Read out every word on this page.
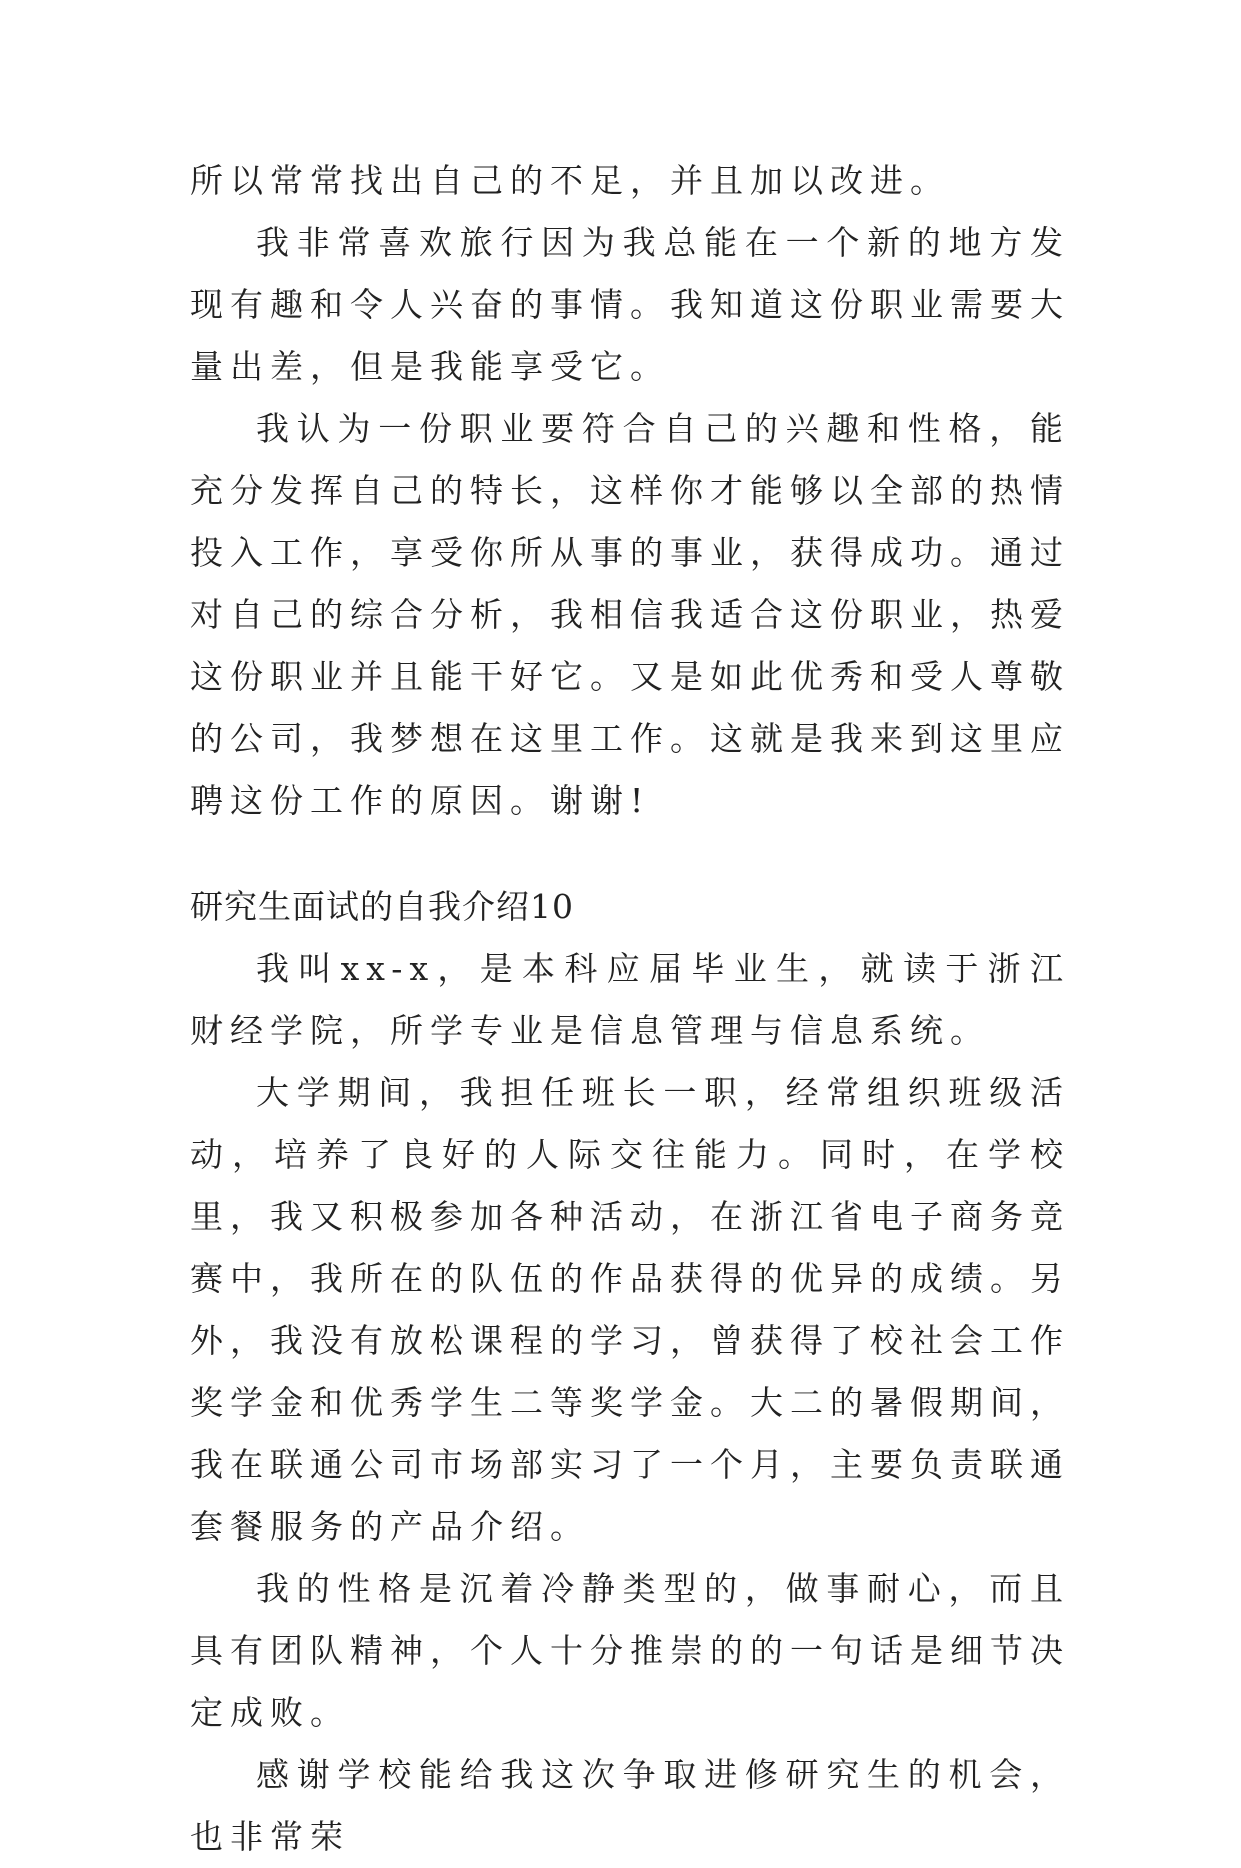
所以常常找出自己的不足，并且加以改进。

我非常喜欢旅行因为我总能在一个新的地方发现有趣和令人兴奋的事情。我知道这份职业需要大量出差，但是我能享受它。

我认为一份职业要符合自己的兴趣和性格，能充分发挥自己的特长，这样你才能够以全部的热情投入工作，享受你所从事的事业，获得成功。通过对自己的综合分析，我相信我适合这份职业，热爱这份职业并且能干好它。又是如此优秀和受人尊敬的公司，我梦想在这里工作。这就是我来到这里应聘这份工作的原因。谢谢!

研究生面试的自我介绍10

我叫xx-x，是本科应届毕业生，就读于浙江财经学院，所学专业是信息管理与信息系统。

大学期间，我担任班长一职，经常组织班级活动，培养了良好的人际交往能力。同时，在学校里，我又积极参加各种活动，在浙江省电子商务竞赛中，我所在的队伍的作品获得的优异的成绩。另外，我没有放松课程的学习，曾获得了校社会工作奖学金和优秀学生二等奖学金。大二的暑假期间，我在联通公司市场部实习了一个月，主要负责联通套餐服务的产品介绍。

我的性格是沉着冷静类型的，做事耐心，而且具有团队精神，个人十分推崇的的一句话是细节决定成败。

感谢学校能给我这次争取进修研究生的机会，也非常荣
